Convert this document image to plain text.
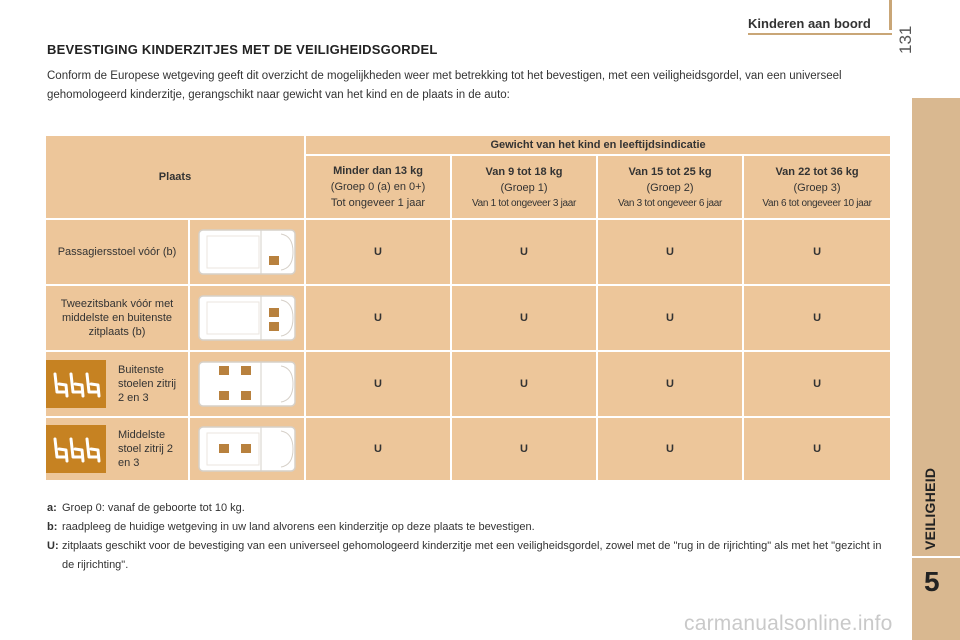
Kinderen aan boord
131
VEILIGHEID
5
BEVESTIGING KINDERZITJES MET DE VEILIGHEIDSGORDEL
Conform de Europese wetgeving geeft dit overzicht de mogelijkheden weer met betrekking tot het bevestigen, met een veiligheidsgordel, van een universeel gehomologeerd kinderzitje, gerangschikt naar gewicht van het kind en de plaats in de auto:
Plaats		Gewicht van het kind en leeftijdsindicatie			

		Minder dan 13 kg
(Groep 0 (a) en 0+)
Tot ongeveer 1 jaar	Van 9 tot 18 kg
(Groep 1)
Van 1 tot ongeveer 3 jaar	Van 15 tot 25 kg
(Groep 2)
Van 3 tot ongeveer 6 jaar	Van 22 tot 36 kg
(Groep 3)
Van 6 tot ongeveer 10 jaar

Passagiersstoel vóór (b)		U	U	U	U
Tweezitsbank vóór met middelste en buitenste zitplaats (b)		U	U	U	U

Buitenste stoelen zitrij 2 en 3		U	U	U	U

Middelste stoel zitrij 2 en 3		U	U	U	U
a: Groep 0: vanaf de geboorte tot 10 kg.
b: raadpleeg de huidige wetgeving in uw land alvorens een kinderzitje op deze plaats te bevestigen.
U: zitplaats geschikt voor de bevestiging van een universeel gehomologeerd kinderzitje met een veiligheidsgordel, zowel met de "rug in de rijrichting" als met het "gezicht in de rijrichting".
carmanualsonline.info
